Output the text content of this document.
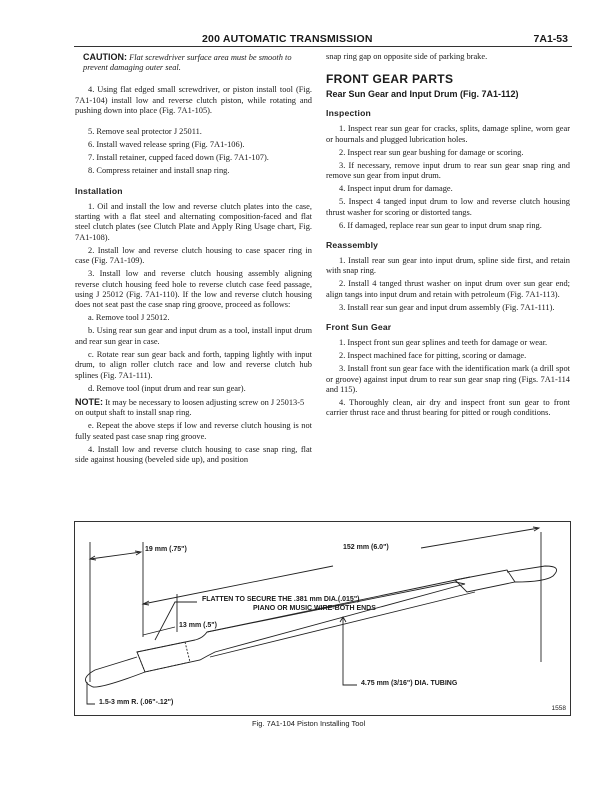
200 AUTOMATIC TRANSMISSION	7A1-53
CAUTION: Flat screwdriver surface area must be smooth to prevent damaging outer seal.

4. Using flat edged small screwdriver, or piston install tool (Fig. 7A1-104) install low and reverse clutch piston, while rotating and pushing down into place (Fig. 7A1-105).

5. Remove seal protector J 25011.

6. Install waved release spring (Fig. 7A1-106).

7. Install retainer, cupped faced down (Fig. 7A1-107).

8. Compress retainer and install snap ring.

Installation

1. Oil and install the low and reverse clutch plates into the case, starting with a flat steel and alternating composition-faced and flat steel clutch plates (see Clutch Plate and Apply Ring Usage chart, Fig. 7A1-108).

2. Install low and reverse clutch housing to case spacer ring in case (Fig. 7A1-109).

3. Install low and reverse clutch housing assembly aligning reverse clutch housing feed hole to reverse clutch case feed passage, using J 25012 (Fig. 7A1-110). If the low and reverse clutch housing does not seat past the case snap ring groove, proceed as follows:

a. Remove tool J 25012.

b. Using rear sun gear and input drum as a tool, install input drum and rear sun gear in case.

c. Rotate rear sun gear back and forth, tapping lightly with input drum, to align roller clutch race and low and reverse clutch hub splines (Fig. 7A1-111).

d. Remove tool (input drum and rear sun gear).

NOTE: It may be necessary to loosen adjusting screw on J 25013-5 on output shaft to install snap ring.

e. Repeat the above steps if low and reverse clutch housing is not fully seated past case snap ring groove.

4. Install low and reverse clutch housing to case snap ring, flat side against housing (beveled side up), and position

snap ring gap on opposite side of parking brake.

FRONT GEAR PARTS
Rear Sun Gear and Input Drum (Fig. 7A1-112)
Inspection

1. Inspect rear sun gear for cracks, splits, damage spline, worn gear or hournals and plugged lubrication holes.

2. Inspect rear sun gear bushing for damage or scoring.

3. If necessary, remove input drum to rear sun gear snap ring and remove sun gear from input drum.

4. Inspect input drum for damage.

5. Inspect 4 tanged input drum to low and reverse clutch housing thrust washer for scoring or distorted tangs.

6. If damaged, replace rear sun gear to input drum snap ring.

Reassembly

1. Install rear sun gear into input drum, spline side first, and retain with snap ring.

2. Install 4 tanged thrust washer on input drum over sun gear end; align tangs into input drum and retain with petroleum (Fig. 7A1-113).

3. Install rear sun gear and input drum assembly (Fig. 7A1-111).

Front Sun Gear

1. Inspect front sun gear splines and teeth for damage or wear.

2. Inspect machined face for pitting, scoring or damage.

3. Install front sun gear face with the identification mark (a drill spot or groove) against input drum to rear sun gear snap ring (Figs. 7A1-114 and 115).

4. Thoroughly clean, air dry and inspect front sun gear to front carrier thrust race and thrust bearing for pitted or rough conditions.

19 mm (.75")	152 mm (6.0")
FLATTEN TO SECURE THE .381 mm DIA.(.015")
PIANO OR MUSIC WIRE-BOTH ENDS
13 mm (.5")
4.75 mm (3/16") DIA. TUBING
1.5-3 mm R. (.06"-.12")
1558
Fig. 7A1-104 Piston Installing Tool
